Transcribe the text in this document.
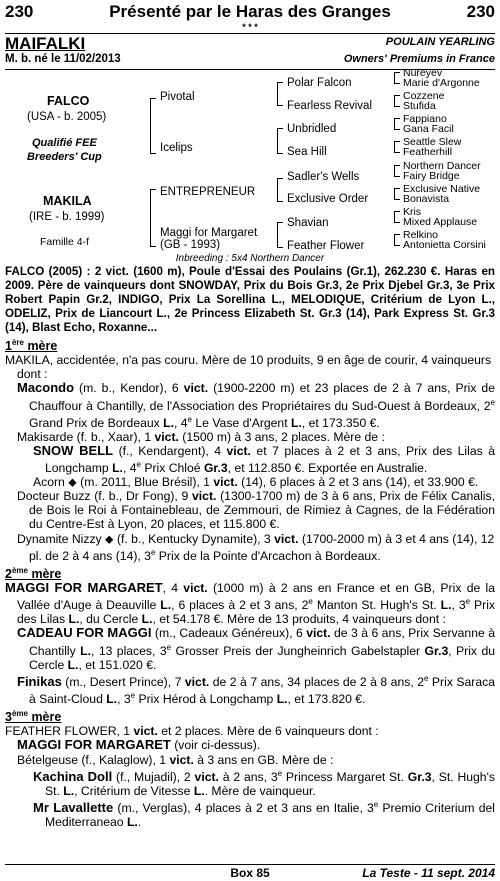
230	Présenté par le Haras des Granges	230
* * *
MAIFALKI	POULAIN YEARLING
M. b. né le 11/02/2013	Owners' Premiums in France
FALCO
(USA - b. 2005)
Qualifié FEE
Breeders' Cup
MAKILA
(IRE - b. 1999)
Famille 4-f
Pivotal
Icelips
ENTREPRENEUR
Maggi for Margaret
(GB - 1993)
Polar Falcon
Fearless Revival
Unbridled
Sea Hill
Sadler's Wells
Exclusive Order
Shavian
Feather Flower
Nureyev
Marie d'Argonne
Cozzene
Stufida
Fappiano
Gana Facil
Seattle Slew
Featherhill
Northern Dancer
Fairy Bridge
Exclusive Native
Bonavista
Kris
Mixed Applause
Relkino
Antonietta Corsini
Inbreeding : 5x4 Northern Dancer

FALCO (2005) : 2 vict. (1600 m), Poule d'Essai des Poulains (Gr.1), 262.230 €. Haras en 2009. Père de vainqueurs dont SNOWDAY, Prix du Bois Gr.3, 2e Prix Djebel Gr.3, 3e Prix Robert Papin Gr.2, INDIGO, Prix La Sorellina L., MELODIQUE, Critérium de Lyon L., ODELIZ, Prix de Liancourt L., 2e Princess Elizabeth St. Gr.3 (14), Park Express St. Gr.3 (14), Blast Echo, Roxanne...

1ère mère

MAKILA, accidentée, n'a pas couru. Mère de 10 produits, 9 en âge de courir, 4 vainqueurs dont :

Macondo (m. b., Kendor), 6 vict. (1900-2200 m) et 23 places de 2 à 7 ans, Prix de Chauffour à Chantilly, de l'Association des Propriétaires du Sud-Ouest à Bordeaux, 2e Grand Prix de Bordeaux L., 4e Le Vase d'Argent L., et 173.350 €.

Makisarde (f. b., Xaar), 1 vict. (1500 m) à 3 ans, 2 places. Mère de :

SNOW BELL (f., Kendargent), 4 vict. et 7 places à 2 et 3 ans, Prix des Lilas à Longchamp L., 4e Prix Chloé Gr.3, et 112.850 €. Exportée en Australie.

Acorn ⬥ (m. 2011, Blue Brésil), 1 vict. (14), 6 places à 2 et 3 ans (14), et 33.900 €.

Docteur Buzz (f. b., Dr Fong), 9 vict. (1300-1700 m) de 3 à 6 ans, Prix de Félix Canalis, de Bois le Roi à Fontainebleau, de Zemmouri, de Rimiez à Cagnes, de la Fédération du Centre-Est à Lyon, 20 places, et 115.800 €.

Dynamite Nizzy ⬥ (f. b., Kentucky Dynamite), 3 vict. (1700-2000 m) à 3 et 4 ans (14), 12 pl. de 2 à 4 ans (14), 3e Prix de la Pointe d'Arcachon à Bordeaux.

2ème mère

MAGGI FOR MARGARET, 4 vict. (1000 m) à 2 ans en France et en GB, Prix de la Vallée d'Auge à Deauville L., 6 places à 2 et 3 ans, 2e Manton St. Hugh's St. L., 3e Prix des Lilas L., du Cercle L., et 54.178 €. Mère de 13 produits, 4 vainqueurs dont :

CADEAU FOR MAGGI (m., Cadeaux Généreux), 6 vict. de 3 à 6 ans, Prix Servanne à Chantilly L., 13 places, 3e Grosser Preis der Jungheinrich Gabelstapler Gr.3, Prix du Cercle L., et 151.020 €.

Finikas (m., Desert Prince), 7 vict. de 2 à 7 ans, 34 places de 2 à 8 ans, 2e Prix Saraca à Saint-Cloud L., 3e Prix Hérod à Longchamp L., et 173.820 €.

3ème mère

FEATHER FLOWER, 1 vict. et 2 places. Mère de 6 vainqueurs dont :

MAGGI FOR MARGARET (voir ci-dessus).

Bételgeuse (f., Kalaglow), 1 vict. à 3 ans en GB. Mère de :

Kachina Doll (f., Mujadil), 2 vict. à 2 ans, 3e Princess Margaret St. Gr.3, St. Hugh's St. L., Critérium de Vitesse L.. Mère de vainqueur.

Mr Lavallette (m., Verglas), 4 places à 2 et 3 ans en Italie, 3e Premio Criterium del Mediterraneao L..

Box 85	La Teste - 11 sept. 2014
